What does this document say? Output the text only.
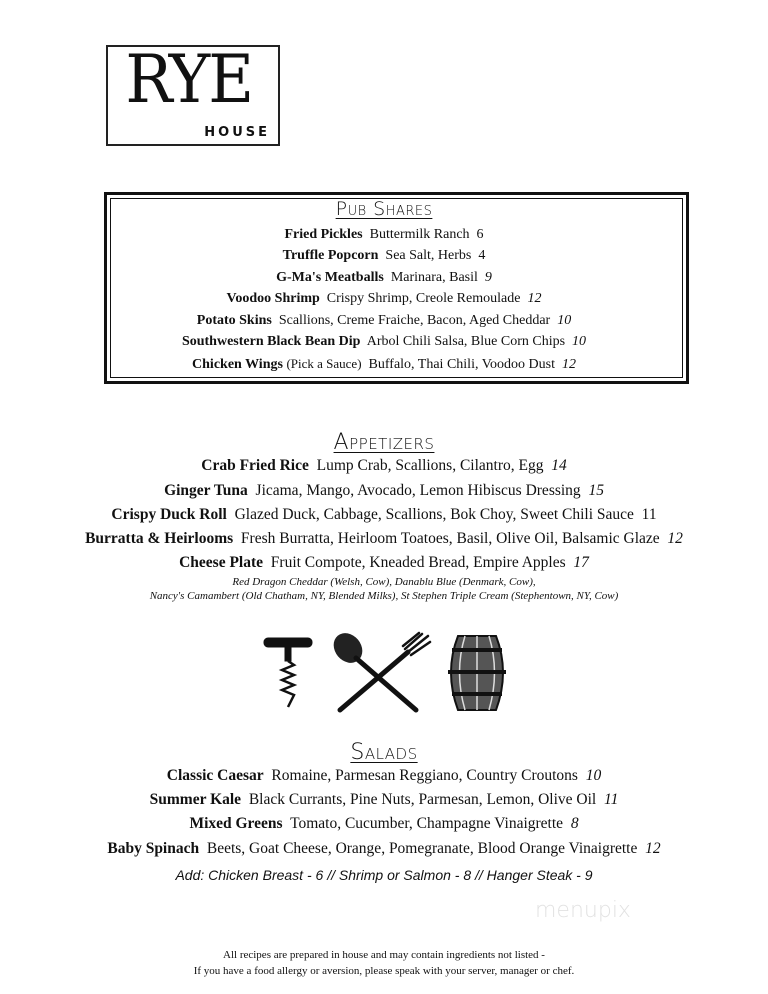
RYE
HOUSE
Pub Shares
Fried Pickles Buttermilk Ranch 6
Truffle Popcorn Sea Salt, Herbs 4
G-Ma's Meatballs Marinara, Basil 9
Voodoo Shrimp Crispy Shrimp, Creole Remoulade 12
Potato Skins Scallions, Creme Fraiche, Bacon, Aged Cheddar 10
Southwestern Black Bean Dip Arbol Chili Salsa, Blue Corn Chips 10
Chicken Wings (Pick a Sauce) Buffalo, Thai Chili, Voodoo Dust 12
Appetizers
Crab Fried Rice Lump Crab, Scallions, Cilantro, Egg 14
Ginger Tuna Jicama, Mango, Avocado, Lemon Hibiscus Dressing 15
Crispy Duck Roll Glazed Duck, Cabbage, Scallions, Bok Choy, Sweet Chili Sauce 11
Burratta & Heirlooms Fresh Burratta, Heirloom Toatoes, Basil, Olive Oil, Balsamic Glaze 12
Cheese Plate Fruit Compote, Kneaded Bread, Empire Apples 17
Red Dragon Cheddar (Welsh, Cow), Danablu Blue (Denmark, Cow),
Nancy's Camambert (Old Chatham, NY, Blended Milks), St Stephen Triple Cream (Stephentown, NY, Cow)
Salads
Classic Caesar Romaine, Parmesan Reggiano, Country Croutons 10
Summer Kale Black Currants, Pine Nuts, Parmesan, Lemon, Olive Oil 11
Mixed Greens Tomato, Cucumber, Champagne Vinaigrette 8
Baby Spinach Beets, Goat Cheese, Orange, Pomegranate, Blood Orange Vinaigrette 12
Add: Chicken Breast - 6 // Shrimp or Salmon - 8 // Hanger Steak - 9
menupix
All recipes are prepared in house and may contain ingredients not listed -
If you have a food allergy or aversion, please speak with your server, manager or chef.
